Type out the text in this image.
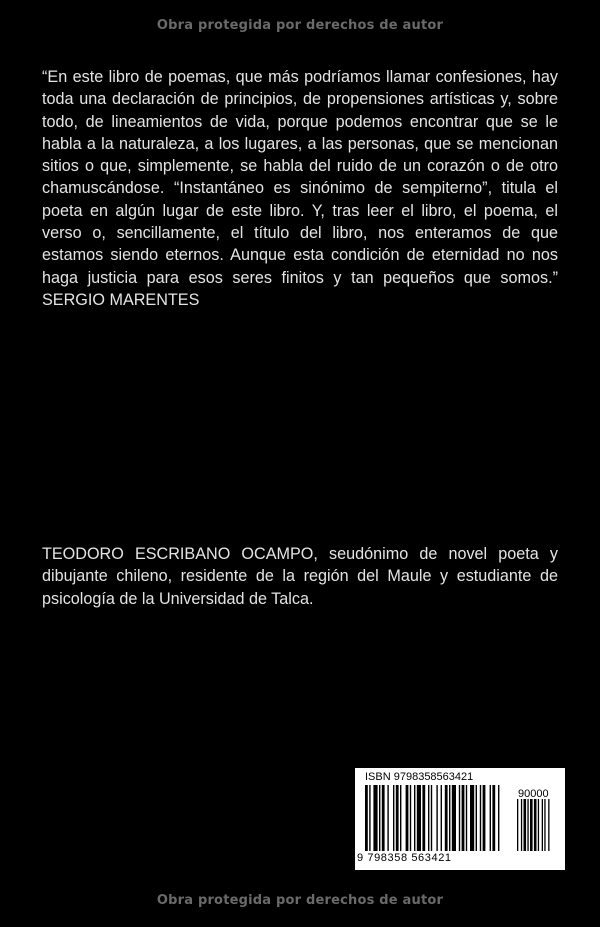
Obra protegida por derechos de autor
“En este libro de poemas, que más podríamos llamar confesiones, hay toda una declaración de principios, de propensiones artísticas y, sobre todo, de lineamientos de vida, porque podemos encontrar que se le habla a la naturaleza, a los lugares, a las personas, que se mencionan sitios o que, simplemente, se habla del ruido de un corazón o de otro chamuscándose. “Instantáneo es sinónimo de sempiterno”, titula el poeta en algún lugar de este libro. Y, tras leer el libro, el poema, el verso o, sencillamente, el título del libro, nos enteramos de que estamos siendo eternos. Aunque esta condición de eternidad no nos haga justicia para esos seres finitos y tan pequeños que somos.” SERGIO MARENTES
TEODORO ESCRIBANO OCAMPO, seudónimo de novel poeta y dibujante chileno, residente de la región del Maule y estudiante de psicología de la Universidad de Talca.
ISBN 9798358563421
90000
9 798358 563421
Obra protegida por derechos de autor
